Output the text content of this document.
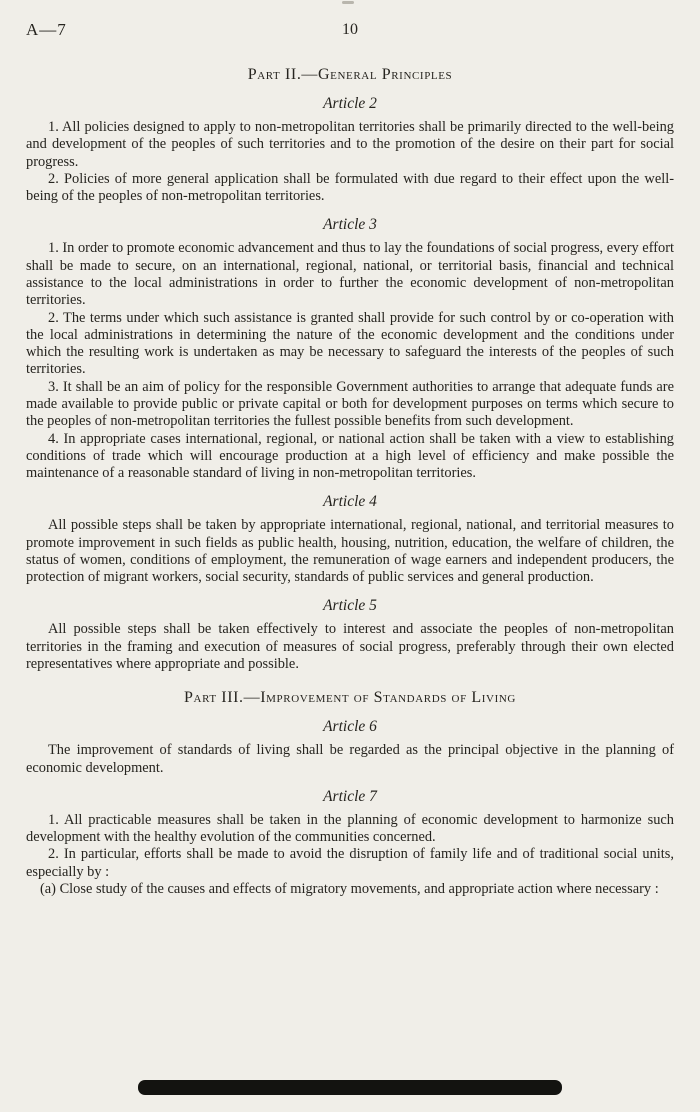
A—7	10
Part II.—General Principles
Article 2
1. All policies designed to apply to non-metropolitan territories shall be primarily directed to the well-being and development of the peoples of such territories and to the promotion of the desire on their part for social progress.
2. Policies of more general application shall be formulated with due regard to their effect upon the well-being of the peoples of non-metropolitan territories.
Article 3
1. In order to promote economic advancement and thus to lay the foundations of social progress, every effort shall be made to secure, on an international, regional, national, or territorial basis, financial and technical assistance to the local administrations in order to further the economic development of non-metropolitan territories.
2. The terms under which such assistance is granted shall provide for such control by or co-operation with the local administrations in determining the nature of the economic development and the conditions under which the resulting work is undertaken as may be necessary to safeguard the interests of the peoples of such territories.
3. It shall be an aim of policy for the responsible Government authorities to arrange that adequate funds are made available to provide public or private capital or both for development purposes on terms which secure to the peoples of non-metropolitan territories the fullest possible benefits from such development.
4. In appropriate cases international, regional, or national action shall be taken with a view to establishing conditions of trade which will encourage production at a high level of efficiency and make possible the maintenance of a reasonable standard of living in non-metropolitan territories.
Article 4
All possible steps shall be taken by appropriate international, regional, national, and territorial measures to promote improvement in such fields as public health, housing, nutrition, education, the welfare of children, the status of women, conditions of employment, the remuneration of wage earners and independent producers, the protection of migrant workers, social security, standards of public services and general production.
Article 5
All possible steps shall be taken effectively to interest and associate the peoples of non-metropolitan territories in the framing and execution of measures of social progress, preferably through their own elected representatives where appropriate and possible.
Part III.—Improvement of Standards of Living
Article 6
The improvement of standards of living shall be regarded as the principal objective in the planning of economic development.
Article 7
1. All practicable measures shall be taken in the planning of economic development to harmonize such development with the healthy evolution of the communities concerned.
2. In particular, efforts shall be made to avoid the disruption of family life and of traditional social units, especially by :
(a) Close study of the causes and effects of migratory movements, and appropriate action where necessary :
